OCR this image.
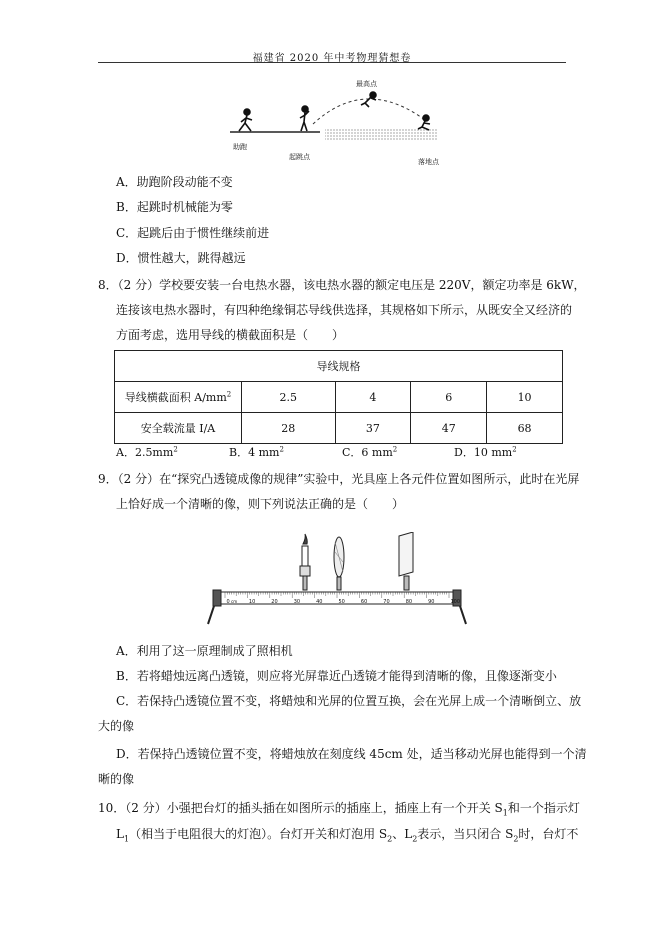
福建省 2020 年中考物理猜想卷
助跑
起跳点
最高点
落地点
A．助跑阶段动能不变
B．起跳时机械能为零
C．起跳后由于惯性继续前进
D．惯性越大，跳得越远
8．（2 分）学校要安装一台电热水器，该电热水器的额定电压是 220V，额定功率是 6kW，
连接该电热水器时，有四种绝缘铜芯导线供选择，其规格如下所示，从既安全又经济的
方面考虑，选用导线的横截面积是（　　）
导线规格				
导线横截面积 $A/mm^2$	2.5	4	6	10
安全载流量 I/A	28	37	47	68
A．$2.5mm^2$	B．4 $mm^2$	C．6 $mm^2$	D．10 $mm^2$
9．（2 分）在“探究凸透镜成像的规律”实验中，光具座上各元件位置如图所示，此时在光屏
上恰好成一个清晰的像，则下列说法正确的是（　　）
0	10	20	30	40	50	60	70	80	90	100
cm
A．利用了这一原理制成了照相机
B．若将蜡烛远离凸透镜，则应将光屏靠近凸透镜才能得到清晰的像，且像逐渐变小
C．若保持凸透镜位置不变，将蜡烛和光屏的位置互换，会在光屏上成一个清晰倒立、放
大的像
D．若保持凸透镜位置不变，将蜡烛放在刻度线 45cm 处，适当移动光屏也能得到一个清
晰的像
10．（2 分）小强把台灯的插头插在如图所示的插座上，插座上有一个开关 $S_1$和一个指示灯
$L_1$（相当于电阻很大的灯泡）。台灯开关和灯泡用 $S_2$、$L_2$表示，当只闭合 $S_2$时，台灯不
